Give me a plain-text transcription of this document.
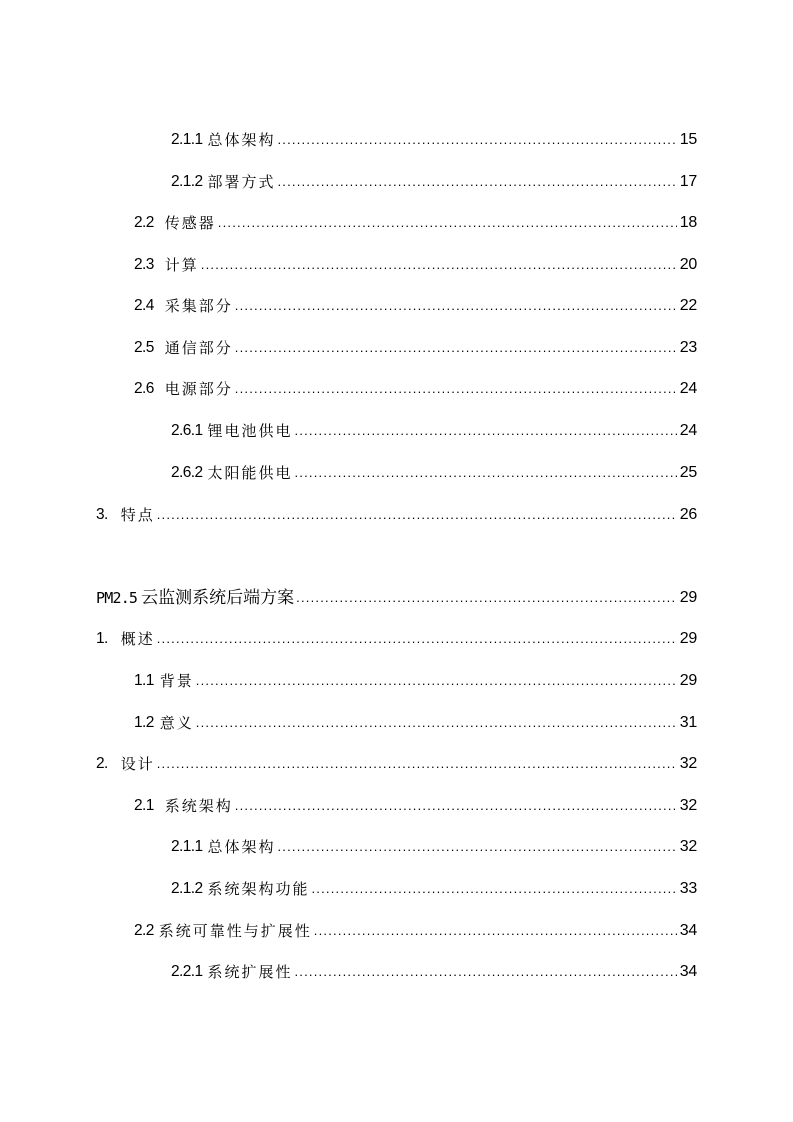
2.1.1 总体架构 .....	15
2.1.2 部署方式 .....	17
2.2 传感器 .....	18
2.3 计算 .....	20
2.4 采集部分 .....	22
2.5 通信部分 .....	23
2.6 电源部分 .....	24
2.6.1 锂电池供电 .....	24
2.6.2 太阳能供电 .....	25
3. 特点 .....	26
PM2.5 云监测系统后端方案 .....	29
1. 概述 .....	29
1.1 背景 .....	29
1.2 意义 .....	31
2. 设计 .....	32
2.1 系统架构 .....	32
2.1.1 总体架构 .....	32
2.1.2 系统架构功能 .....	33
2.2 系统可靠性与扩展性 .....	34
2.2.1 系统扩展性 .....	34
